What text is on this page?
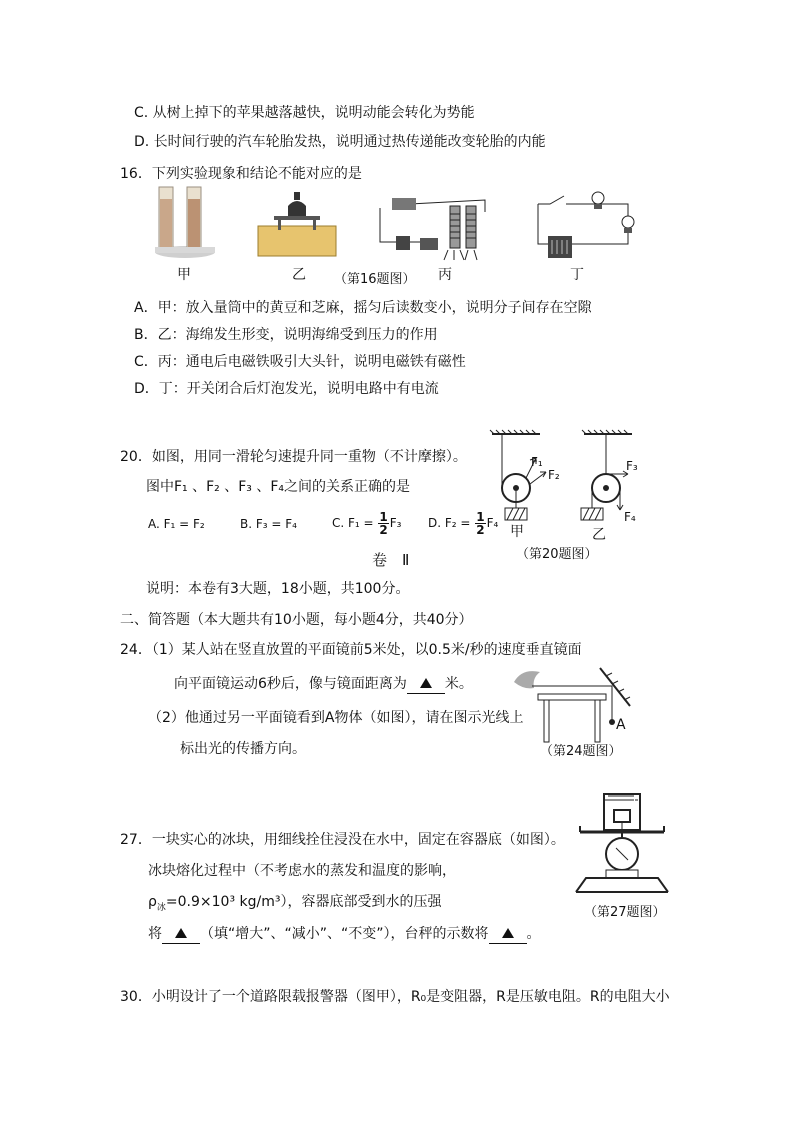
C. 从树上掉下的苹果越落越快，说明动能会转化为势能
D. 长时间行驶的汽车轮胎发热，说明通过热传递能改变轮胎的内能
16．下列实验现象和结论不能对应的是
甲	乙 （第16题图） 丙	丁
A．甲：放入量筒中的黄豆和芝麻，摇匀后读数变小，说明分子间存在空隙
B．乙：海绵发生形变，说明海绵受到压力的作用
C．丙：通电后电磁铁吸引大头针，说明电磁铁有磁性
D．丁：开关闭合后灯泡发光，说明电路中有电流
20．如图，用同一滑轮匀速提升同一重物（不计摩擦）。
图中F₁ 、F₂ 、F₃ 、F₄之间的关系正确的是
A. F₁ = F₂	B. F₃ = F₄	C. $F_1 = \frac{1}{2} F_3$ D. $F_2 = \frac{1}{2} F_4$
F₁
F₂
F₃
F₄
甲	乙
（第20题图）
卷　Ⅱ
说明：本卷有3大题，18小题，共100分。
二、简答题（本大题共有10小题，每小题4分，共40分）
24．（1）某人站在竖直放置的平面镜前5米处，以0.5米/秒的速度垂直镜面
向平面镜运动6秒后，像与镜面距离为	米。
（2）他通过另一平面镜看到A物体（如图），请在图示光线上
标出光的传播方向。
A
（第24题图）
27．一块实心的冰块，用细线拴住浸没在水中，固定在容器底（如图）。
冰块熔化过程中（不考虑水的蒸发和温度的影响，
$\rho_冰=0.9\times 10^3$ kg/m³），容器底部受到水的压强
将	（填“增大”、“减小”、“不变”），台秤的示数将	。
（第27题图）
30．小明设计了一个道路限载报警器（图甲），R₀是变阻器，R是压敏电阻。R的电阻大小
